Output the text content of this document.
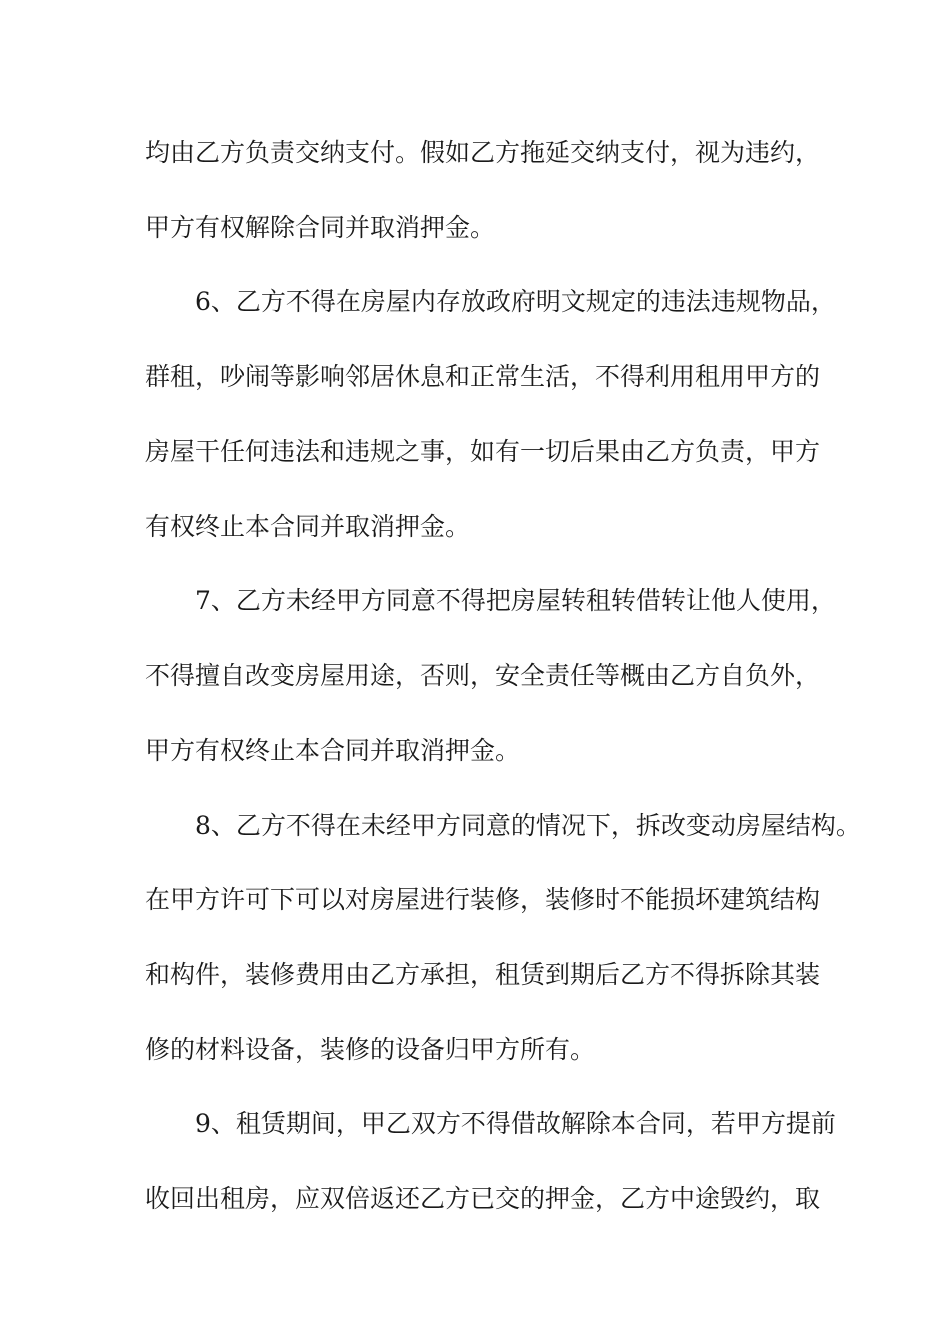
均由乙方负责交纳支付。假如乙方拖延交纳支付，视为违约，
甲方有权解除合同并取消押金。
6、乙方不得在房屋内存放政府明文规定的违法违规物品，
群租，吵闹等影响邻居休息和正常生活，不得利用租用甲方的
房屋干任何违法和违规之事，如有一切后果由乙方负责，甲方
有权终止本合同并取消押金。
7、乙方未经甲方同意不得把房屋转租转借转让他人使用，
不得擅自改变房屋用途，否则，安全责任等概由乙方自负外，
甲方有权终止本合同并取消押金。
8、乙方不得在未经甲方同意的情况下，拆改变动房屋结构。
在甲方许可下可以对房屋进行装修，装修时不能损坏建筑结构
和构件，装修费用由乙方承担，租赁到期后乙方不得拆除其装
修的材料设备，装修的设备归甲方所有。
9、租赁期间，甲乙双方不得借故解除本合同，若甲方提前
收回出租房，应双倍返还乙方已交的押金，乙方中途毁约，取
